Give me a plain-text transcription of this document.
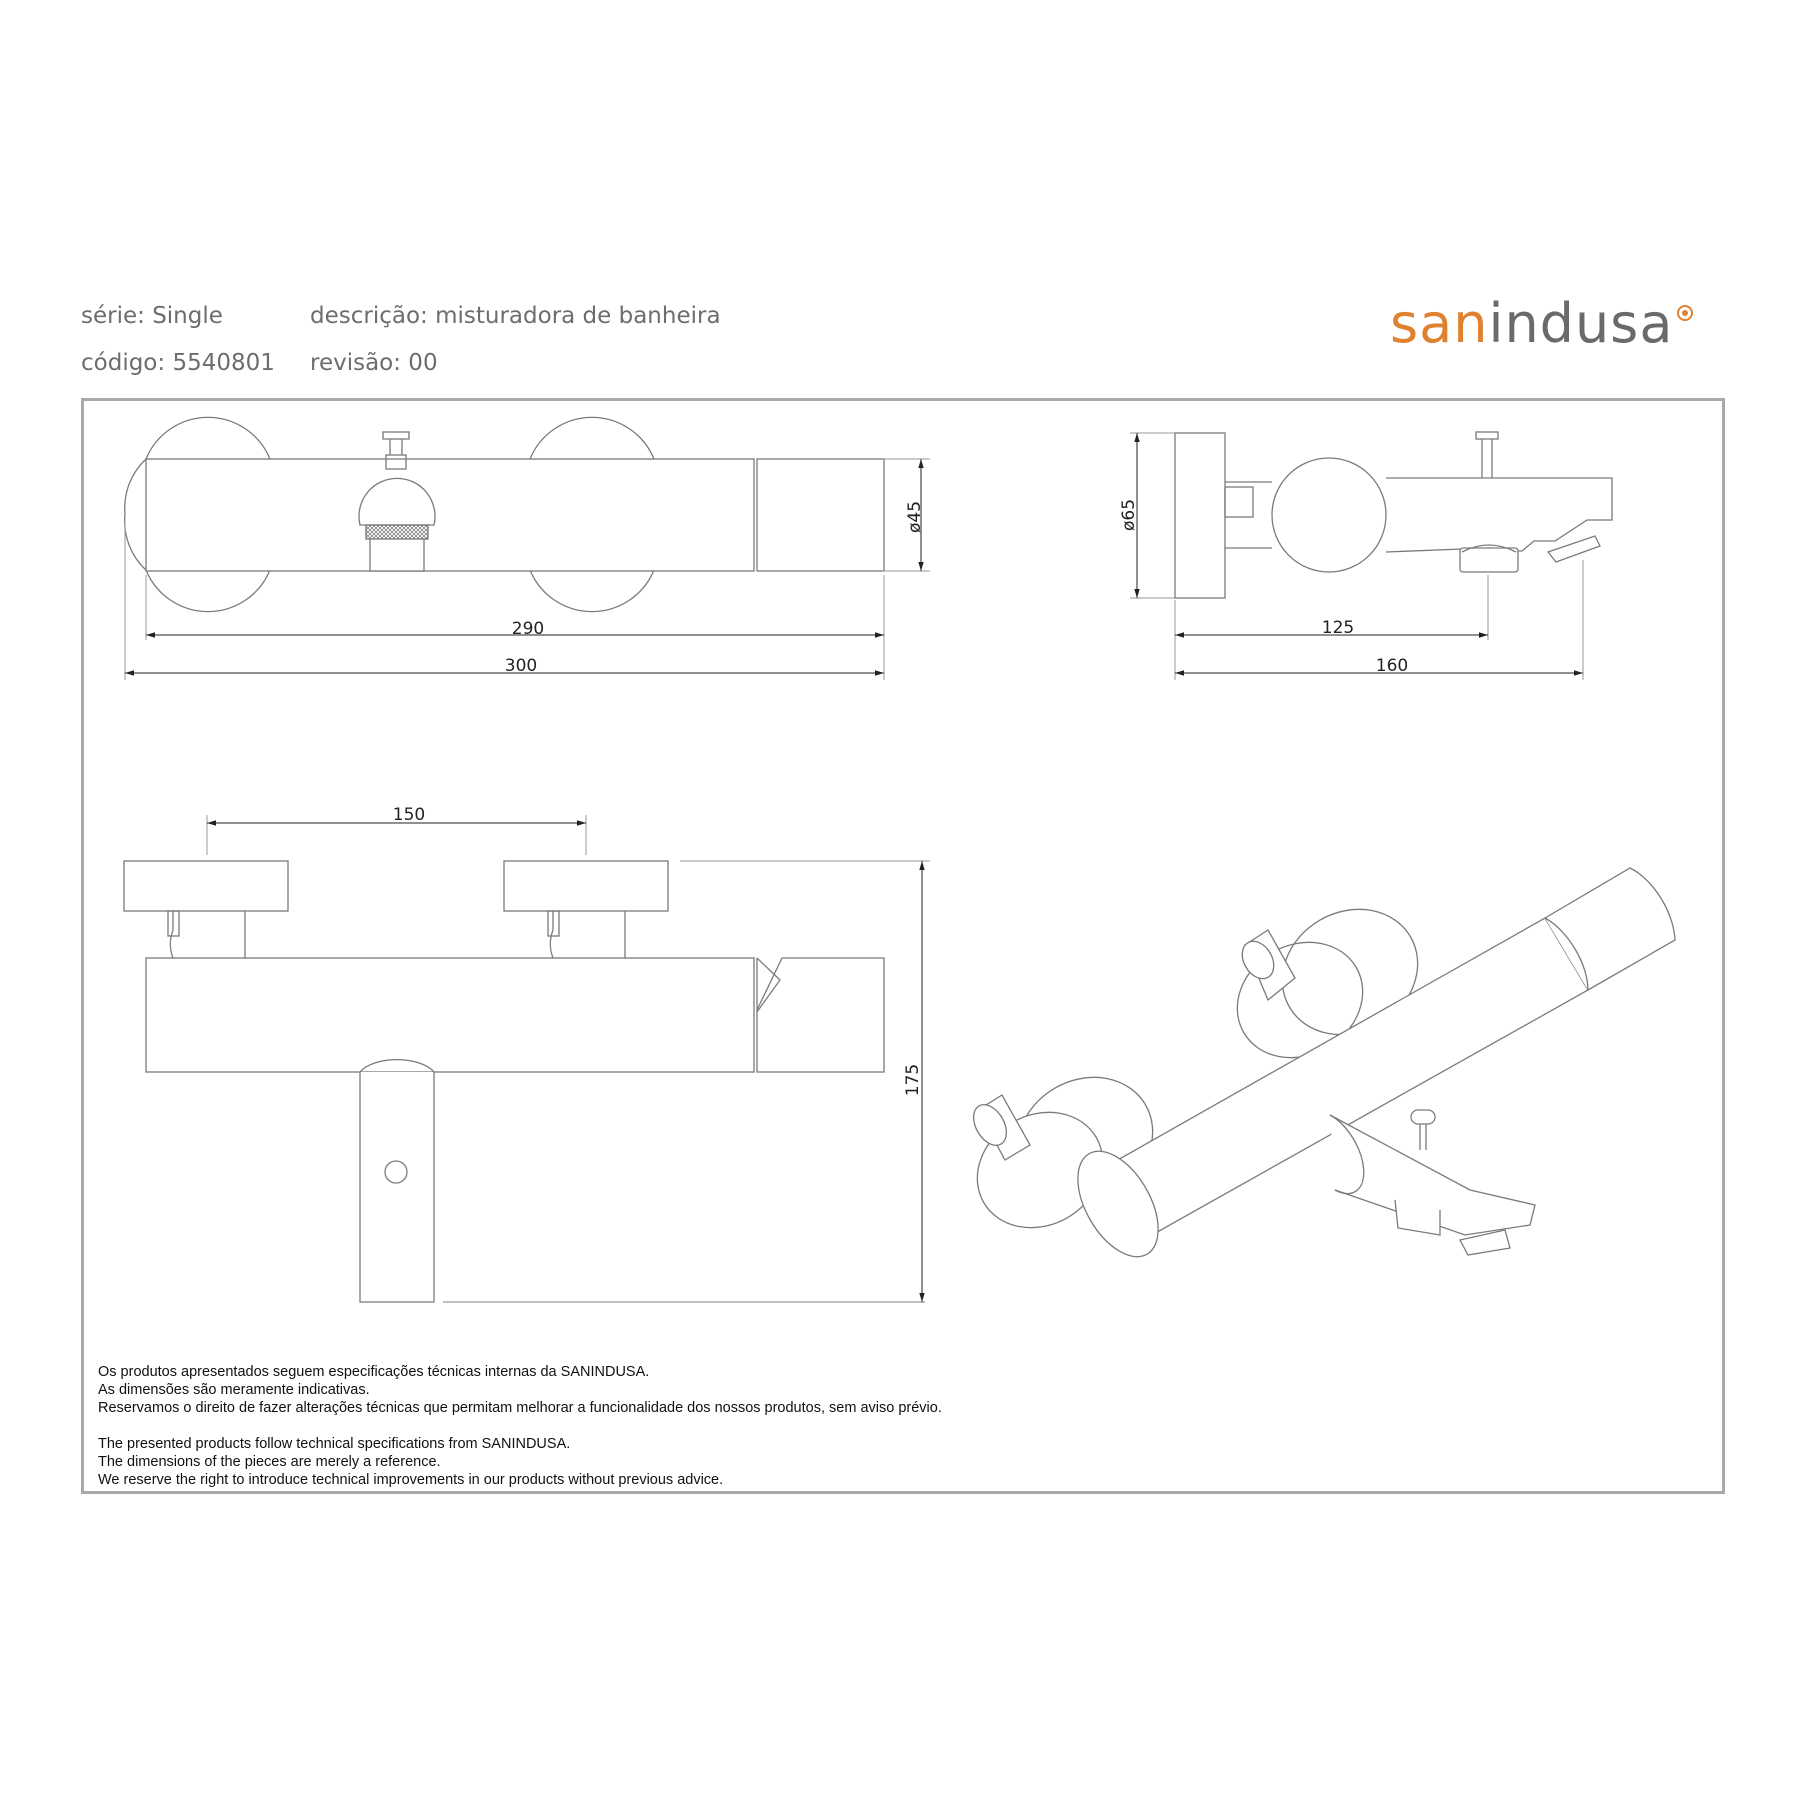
série: Single	descrição: misturadora de banheira
código: 5540801 revisão: 00
sanindusa
ø45
290
300
ø65
125
160
150
175
Os produtos apresentados seguem especificações técnicas internas da SANINDUSA.
As dimensões são meramente indicativas.
Reservamos o direito de fazer alterações técnicas que permitam melhorar a funcionalidade dos nossos produtos, sem aviso prévio.
The presented products follow technical specifications from SANINDUSA.
The dimensions of the pieces are merely a reference.
We reserve the right to introduce technical improvements in our products without previous advice.
